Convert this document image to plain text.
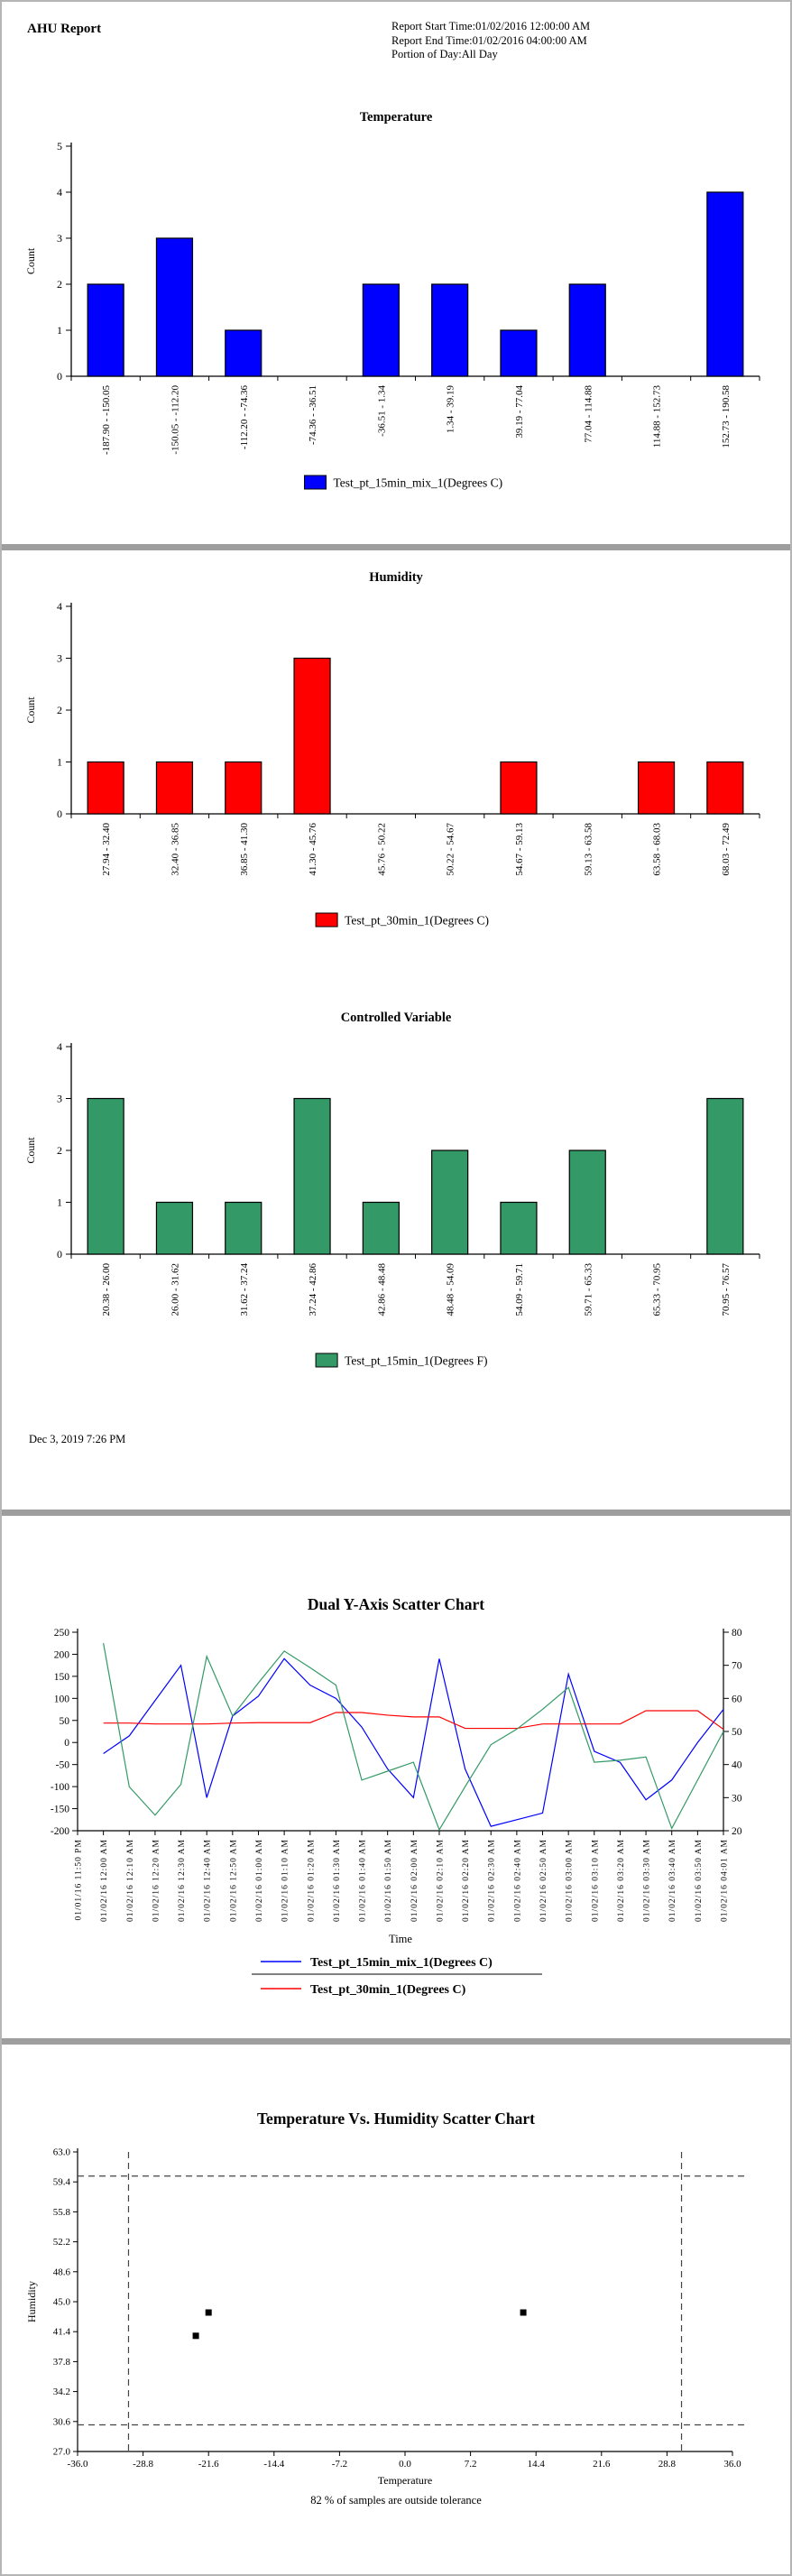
AHU Report	Report Start Time:01/02/2016 12:00:00 AM
Report End Time:01/02/2016 04:00:00 AM
Portion of Day:All Day
Temperature
0
1
2
3
4
5
Count
-187.90 - -150.05	-150.05 - -112.20	-112.20 - -74.36	-74.36 - -36.51	-36.51 - 1.34	1.34 - 39.19	39.19 - 77.04	77.04 - 114.88	114.88 - 152.73	152.73 - 190.58
Test_pt_15min_mix_1(Degrees C)
Humidity
0
1
2
3
4
Count
27.94 - 32.40	32.40 - 36.85	36.85 - 41.30	41.30 - 45.76	45.76 - 50.22	50.22 - 54.67	54.67 - 59.13	59.13 - 63.58	63.58 - 68.03	68.03 - 72.49
Test_pt_30min_1(Degrees C)
Controlled Variable
0
1
2
3
4
Count
20.38 - 26.00	26.00 - 31.62	31.62 - 37.24	37.24 - 42.86	42.86 - 48.48	48.48 - 54.09	54.09 - 59.71	59.71 - 65.33	65.33 - 70.95	70.95 - 76.57
Test_pt_15min_1(Degrees F)
Dec 3, 2019 7:26 PM
Dual Y-Axis Scatter Chart
-200
-150
-100
-50
0
50
100
150
200
250
20
30
40
50
60
70
80
01/01/16 11:50 PM 01/02/16 12:00 AM 01/02/16 12:10 AM 01/02/16 12:20 AM 01/02/16 12:30 AM 01/02/16 12:40 AM 01/02/16 12:50 AM 01/02/16 01:00 AM 01/02/16 01:10 AM 01/02/16 01:20 AM 01/02/16 01:30 AM 01/02/16 01:40 AM 01/02/16 01:50 AM 01/02/16 02:00 AM 01/02/16 02:10 AM 01/02/16 02:20 AM 01/02/16 02:30 AM 01/02/16 02:40 AM 01/02/16 02:50 AM 01/02/16 03:00 AM 01/02/16 03:10 AM 01/02/16 03:20 AM 01/02/16 03:30 AM 01/02/16 03:40 AM 01/02/16 03:50 AM 01/02/16 04:01 AM
Time
Test_pt_15min_mix_1(Degrees C)
Test_pt_30min_1(Degrees C)
Temperature Vs. Humidity Scatter Chart
27.0
30.6
34.2
37.8
41.4
45.0
48.6
52.2
55.8
59.4
63.0
-36.0	-28.8	-21.6	-14.4	-7.2	0.0	7.2	14.4	21.6	28.8	36.0
Humidity
Temperature
82 % of samples are outside tolerance
